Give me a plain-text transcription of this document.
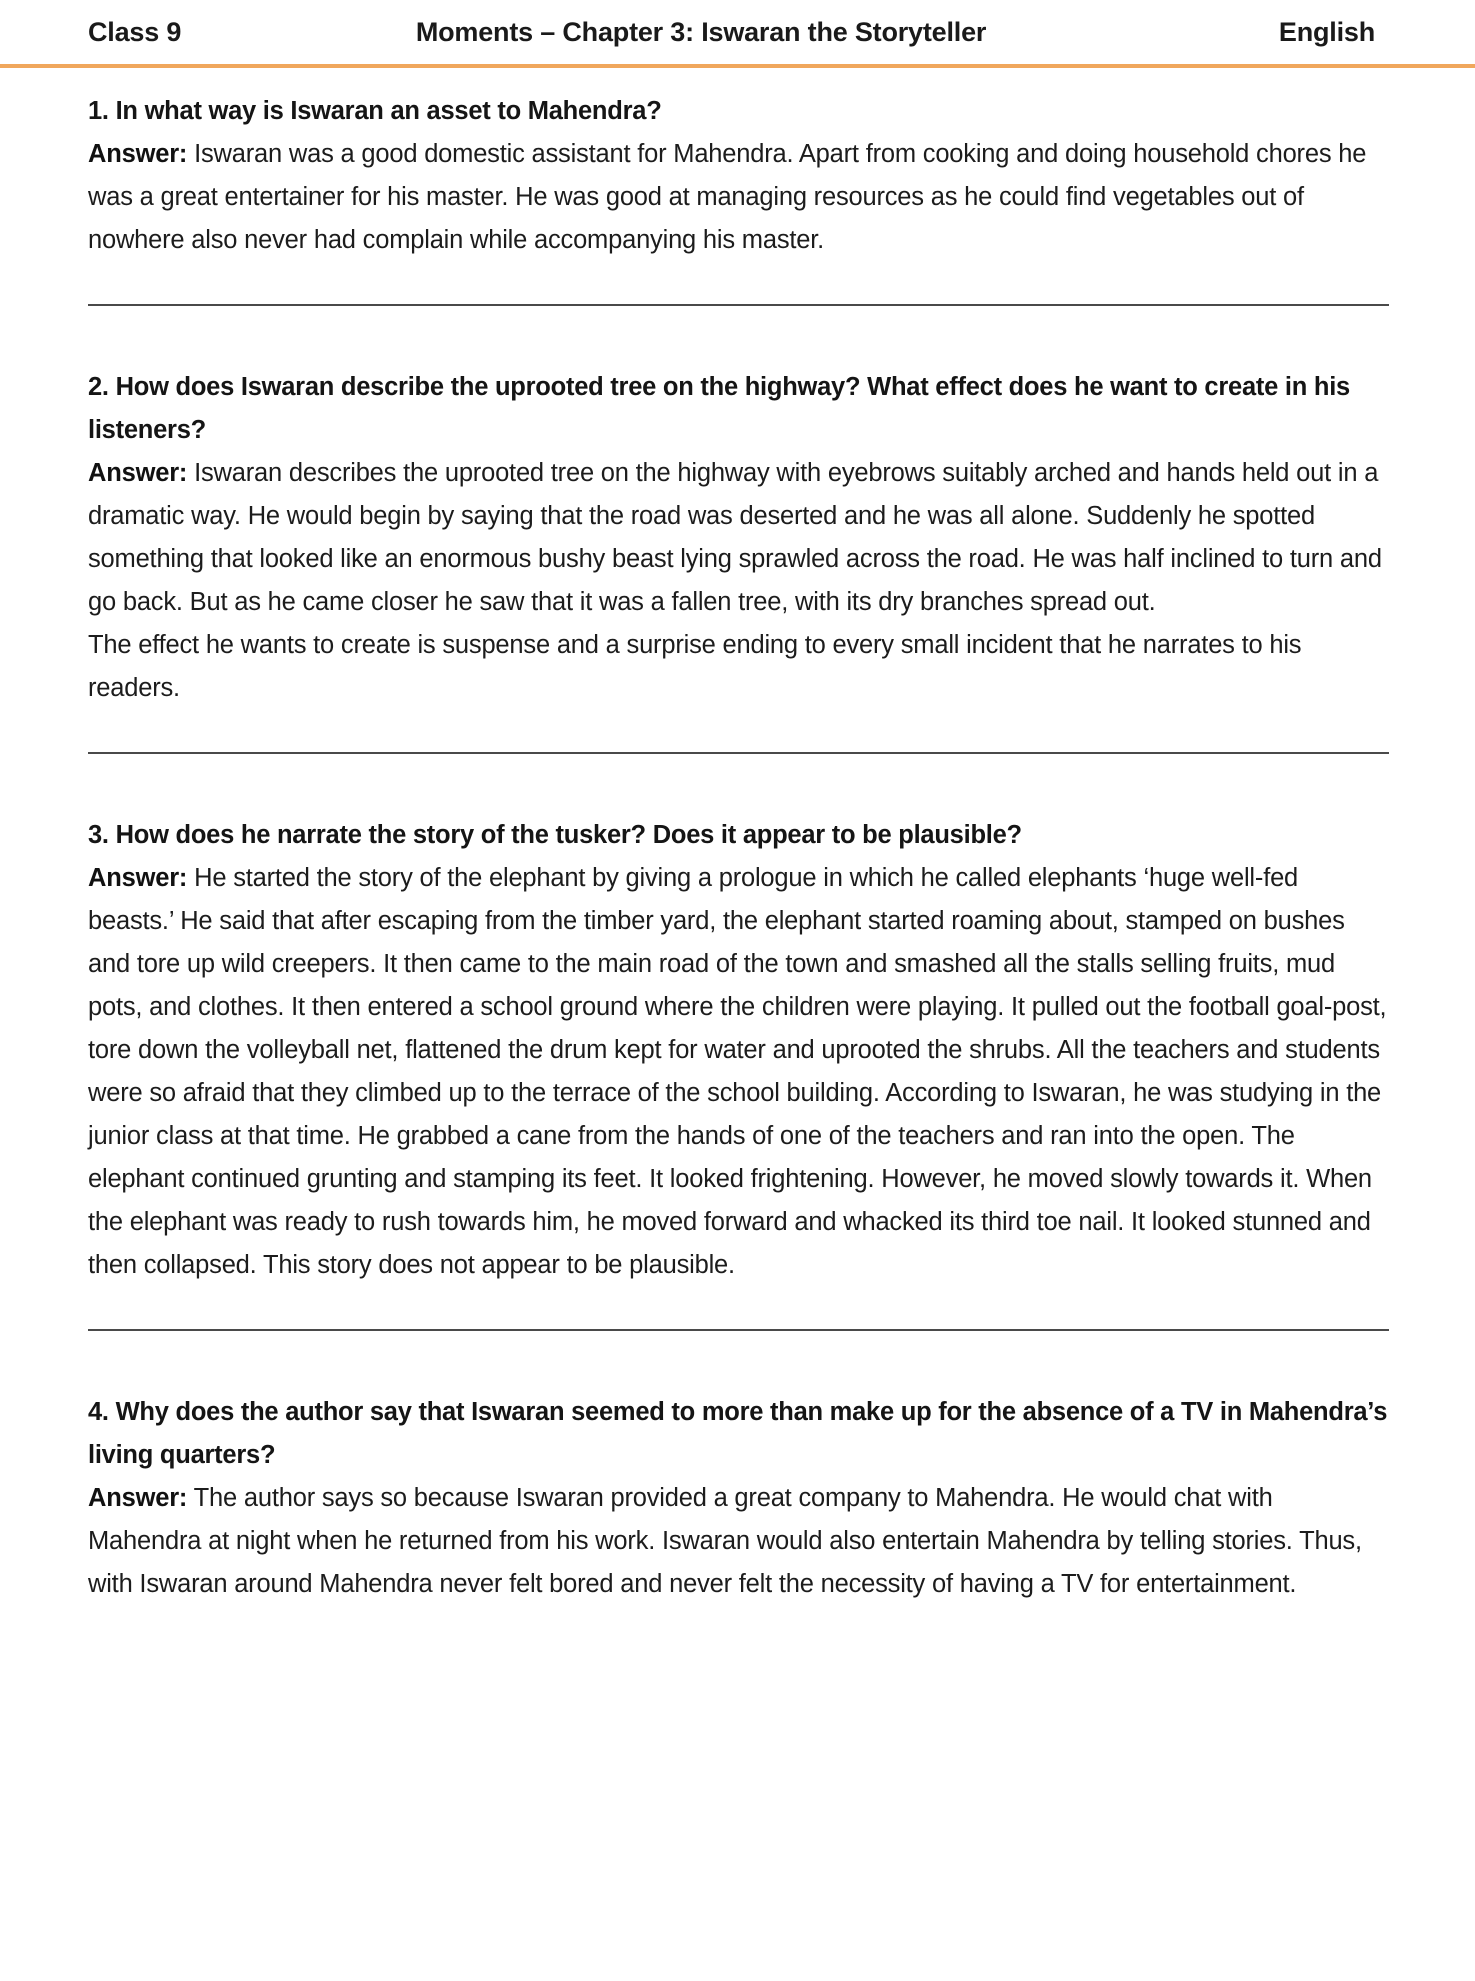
Class 9	Moments – Chapter 3: Iswaran the Storyteller	English

1. In what way is Iswaran an asset to Mahendra?

Answer: Iswaran was a good domestic assistant for Mahendra. Apart from cooking and doing household chores he was a great entertainer for his master. He was good at managing resources as he could find vegetables out of nowhere also never had complain while accompanying his master.

2. How does Iswaran describe the uprooted tree on the highway? What effect does he want to create in his listeners?

Answer: Iswaran describes the uprooted tree on the highway with eyebrows suitably arched and hands held out in a dramatic way. He would begin by saying that the road was deserted and he was all alone. Suddenly he spotted something that looked like an enormous bushy beast lying sprawled across the road. He was half inclined to turn and go back. But as he came closer he saw that it was a fallen tree, with its dry branches spread out.

The effect he wants to create is suspense and a surprise ending to every small incident that he narrates to his readers.

3. How does he narrate the story of the tusker? Does it appear to be plausible?

Answer: He started the story of the elephant by giving a prologue in which he called elephants ‘huge well-fed beasts.’ He said that after escaping from the timber yard, the elephant started roaming about, stamped on bushes and tore up wild creepers. It then came to the main road of the town and smashed all the stalls selling fruits, mud pots, and clothes. It then entered a school ground where the children were playing. It pulled out the football goal-post, tore down the volleyball net, flattened the drum kept for water and uprooted the shrubs. All the teachers and students were so afraid that they climbed up to the terrace of the school building. According to Iswaran, he was studying in the junior class at that time. He grabbed a cane from the hands of one of the teachers and ran into the open. The elephant continued grunting and stamping its feet. It looked frightening. However, he moved slowly towards it. When the elephant was ready to rush towards him, he moved forward and whacked its third toe nail. It looked stunned and then collapsed. This story does not appear to be plausible.

4. Why does the author say that Iswaran seemed to more than make up for the absence of a TV in Mahendra’s living quarters?

Answer: The author says so because Iswaran provided a great company to Mahendra. He would chat with Mahendra at night when he returned from his work. Iswaran would also entertain Mahendra by telling stories. Thus, with Iswaran around Mahendra never felt bored and never felt the necessity of having a TV for entertainment.
